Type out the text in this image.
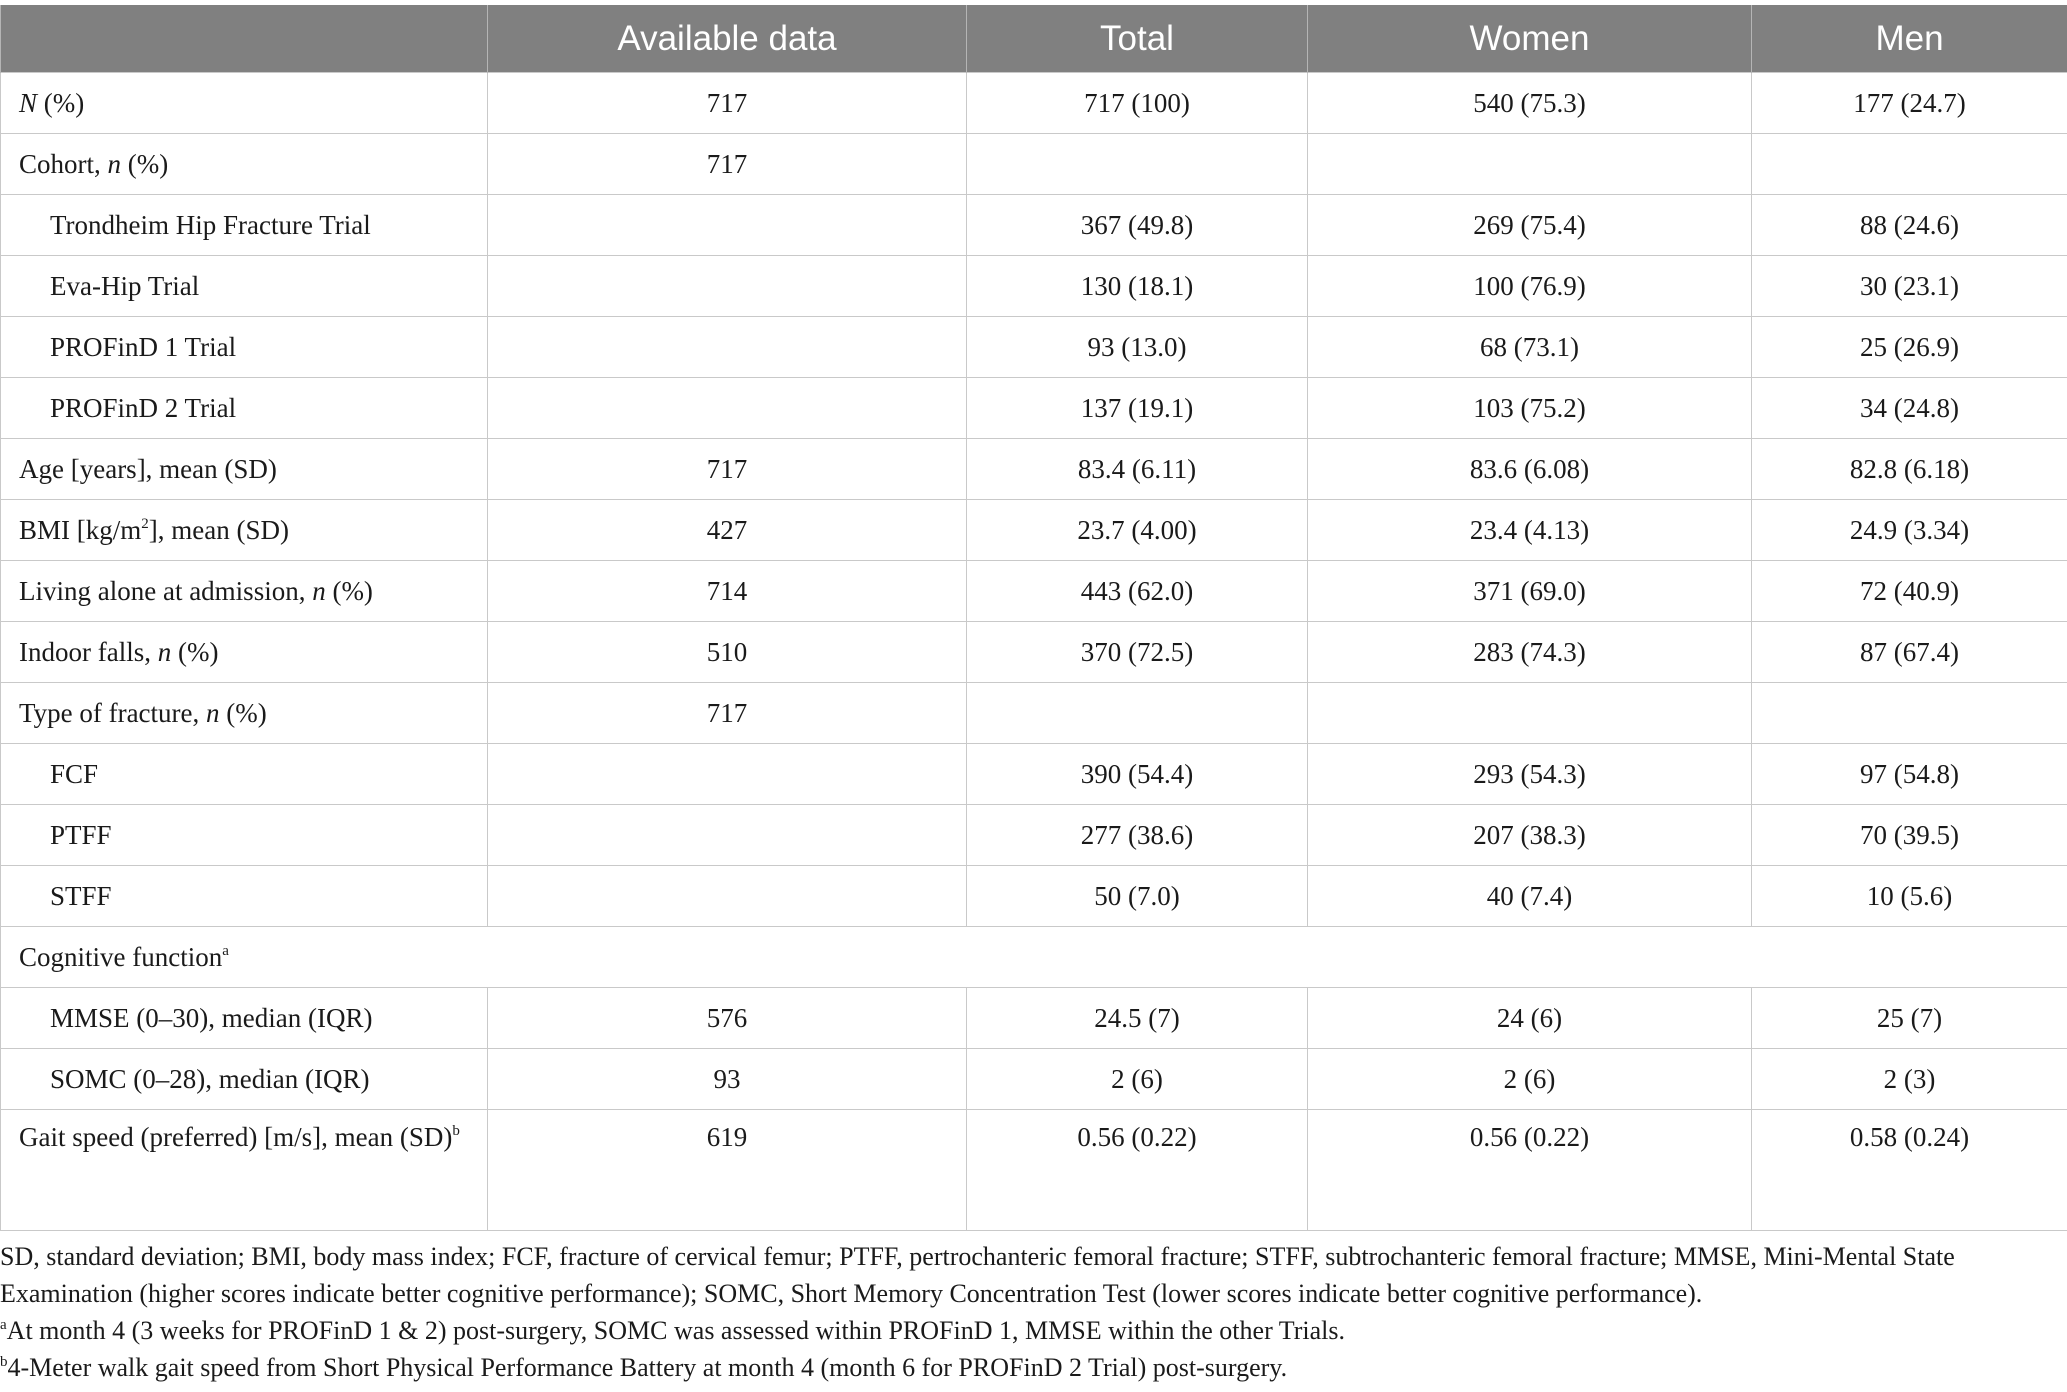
	Available data	Total	Women	Men
N (%)	717	717 (100)	540 (75.3)	177 (24.7)
Cohort, n (%)	717			
Trondheim Hip Fracture Trial		367 (49.8)	269 (75.4)	88 (24.6)
Eva-Hip Trial		130 (18.1)	100 (76.9)	30 (23.1)
PROFinD 1 Trial		93 (13.0)	68 (73.1)	25 (26.9)
PROFinD 2 Trial		137 (19.1)	103 (75.2)	34 (24.8)
Age [years], mean (SD)	717	83.4 (6.11)	83.6 (6.08)	82.8 (6.18)
BMI $[kg/m^2]$, mean (SD)	427	23.7 (4.00)	23.4 (4.13)	24.9 (3.34)
Living alone at admission, n (%)	714	443 (62.0)	371 (69.0)	72 (40.9)
Indoor falls, n (%)	510	370 (72.5)	283 (74.3)	87 (67.4)
Type of fracture, n (%)	717			
FCF		390 (54.4)	293 (54.3)	97 (54.8)
PTFF		277 (38.6)	207 (38.3)	70 (39.5)
STFF		50 (7.0)	40 (7.4)	10 (5.6)
Cognitive function$^a$
MMSE (0–30), median (IQR)	576	24.5 (7)	24 (6)	25 (7)
SOMC (0–28), median (IQR)	93	2 (6)	2 (6)	2 (3)
Gait speed (preferred) [m/s], mean (SD)$^b$	619	0.56 (0.22)	0.56 (0.22)	0.58 (0.24)

SD, standard deviation; BMI, body mass index; FCF, fracture of cervical femur; PTFF, pertrochanteric femoral fracture; STFF, subtrochanteric femoral fracture; MMSE, Mini-Mental State Examination (higher scores indicate better cognitive performance); SOMC, Short Memory Concentration Test (lower scores indicate better cognitive performance).

$^a$At month 4 (3 weeks for PROFinD 1 & 2) post-surgery, SOMC was assessed within PROFinD 1, MMSE within the other Trials.

$^b$4-Meter walk gait speed from Short Physical Performance Battery at month 4 (month 6 for PROFinD 2 Trial) post-surgery.
